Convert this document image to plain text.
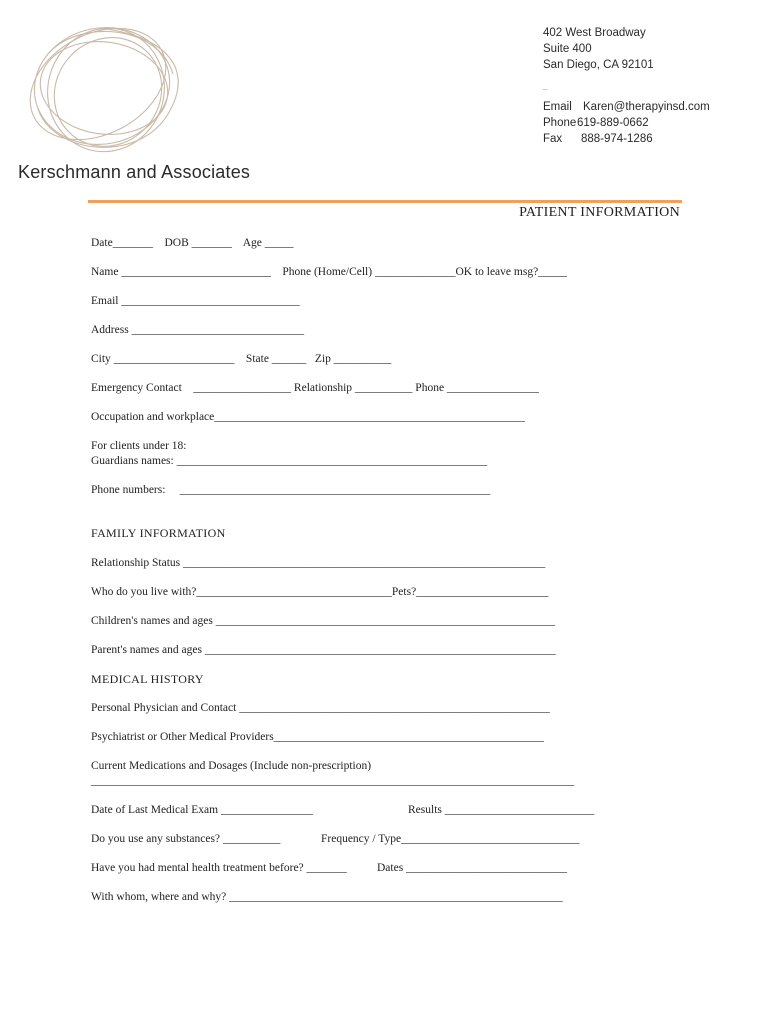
Kerschmann and Associates
402 West Broadway
Suite 400
San Diego, CA 92101
_
Email Karen@therapyinsd.com
Phone619-889-0662
Fax 888-974-1286
PATIENT INFORMATION
Date_______    DOB _______    Age _____
Name __________________________    Phone (Home/Cell) ______________OK to leave msg?_____
Email _______________________________
Address ______________________________
City _____________________    State ______   Zip __________
Emergency Contact    _________________ Relationship __________ Phone ________________
Occupation and workplace______________________________________________________
For clients under 18:
Guardians names: ______________________________________________________
Phone numbers:     ______________________________________________________
FAMILY INFORMATION
Relationship Status _______________________________________________________________
Who do you live with?__________________________________Pets?_______________________
Children's names and ages ___________________________________________________________
Parent's names and ages _____________________________________________________________
MEDICAL HISTORY
Personal Physician and Contact ______________________________________________________
Psychiatrist or Other Medical Providers_______________________________________________
Current Medications and Dosages (Include non-prescription)
____________________________________________________________________________________
Date of Last Medical Exam ________________	Results __________________________
Do you use any substances? __________	Frequency / Type_______________________________
Have you had mental health treatment before? _______	Dates ____________________________
With whom, where and why? __________________________________________________________
